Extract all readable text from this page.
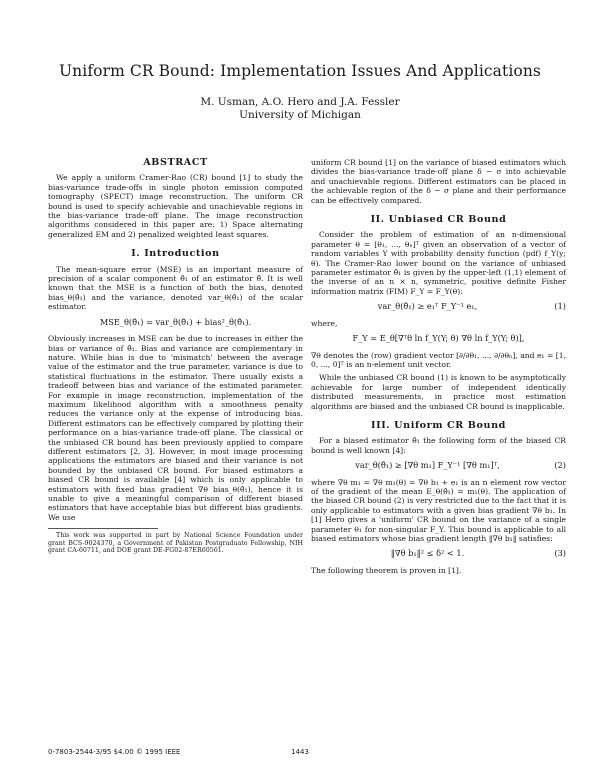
Uniform CR Bound: Implementation Issues And Applications
M. Usman, A.O. Hero and J.A. Fessler
University of Michigan
ABSTRACT

We apply a uniform Cramer-Rao (CR) bound [1] to study the bias-variance trade-offs in single photon emission computed tomography (SPECT) image reconstruction. The uniform CR bound is used to specify achievable and unachievable regions in the bias-variance trade-off plane. The image reconstruction algorithms considered in this paper are: 1) Space alternating generalized EM and 2) penalized weighted least squares.

I. Introduction

The mean-square error (MSE) is an important measure of precision of a scalar component θ̂₁ of an estimator θ̂. It is well known that the MSE is a function of both the bias, denoted bias_θ(θ̂₁) and the variance, denoted var_θ(θ̂₁) of the scalar estimator.

MSE_θ(θ̂₁) = var_θ(θ̂₁) + bias²_θ(θ̂₁).

Obviously increases in MSE can be due to increases in either the bias or variance of θ̂₁. Bias and variance are complementary in nature. While bias is due to 'mismatch' between the average value of the estimator and the true parameter, variance is due to statistical fluctuations in the estimator. There usually exists a tradeoff between bias and variance of the estimated parameter. For example in image reconstruction, implementation of the maximum likelihood algorithm with a smoothness penalty reduces the variance only at the expense of introducing bias. Different estimators can be effectively compared by plotting their performance on a bias-variance trade-off plane. The classical or the unbiased CR bound has been previously applied to compare different estimators [2, 3]. However, in most image processing applications the estimators are biased and their variance is not bounded by the unbiased CR bound. For biased estimators a biased CR bound is available [4] which is only applicable to estimators with fixed bias gradient ∇θ bias_θ(θ̂₁), hence it is unable to give a meaningful comparison of different biased estimators that have acceptable bias but different bias gradients. We use

This work was supported in part by National Science Foundation under grant BCS-9024370, a Government of Pakistan Postgraduate Fellowship, NIH grant CA-60711, and DOE grant DE-FG02-87ER60561.

uniform CR bound [1] on the variance of biased estimators which divides the bias-variance trade-off plane δ − σ into achievable and unachievable regions. Different estimators can be placed in the achievable region of the δ − σ plane and their performance can be effectively compared.

II. Unbiased CR Bound

Consider the problem of estimation of an n-dimensional parameter θ = [θ₁, ..., θₙ]ᵀ given an observation of a vector of random variables Y with probability density function (pdf) f_Y(y; θ). The Cramer-Rao lower bound on the variance of unbiased parameter estimator θ̂₁ is given by the upper-left (1,1) element of the inverse of an n × n, symmetric, positive definite Fisher information matrix (FIM) F_Y = F_Y(θ):

var_θ(θ̂₁) ≥ e₁ᵀ F_Y⁻¹ e₁,	(1)

where,

F_Y = E_θ[∇ᵀθ ln f_Y(Y; θ) ∇θ ln f_Y(Y; θ)],

∇θ denotes the (row) gradient vector [∂/∂θ₁, ..., ∂/∂θₙ], and e₁ = [1, 0, ..., 0]ᵀ is an n-element unit vector.

While the unbiased CR bound (1) is known to be asymptotically achievable for large number of independent identically distributed measurements, in practice most estimation algorithms are biased and the unbiased CR bound is inapplicable.

III. Uniform CR Bound

For a biased estimator θ̂₁ the following form of the biased CR bound is well known [4]:

var_θ(θ̂₁) ≥ [∇θ m₁] F_Y⁻¹ [∇θ m₁]ᵀ,	(2)

where ∇θ m₁ = ∇θ m₁(θ) = ∇θ b₁ + e₁ is an n element row vector of the gradient of the mean E_θ(θ̂₁) = m₁(θ). The application of the biased CR bound (2) is very restricted due to the fact that it is only applicable to estimators with a given bias gradient ∇θ b₁. In [1] Hero gives a 'uniform' CR bound on the variance of a single parameter θ₁ for non-singular F_Y. This bound is applicable to all biased estimators whose bias gradient length ‖∇θ b₁‖ satisfies:

‖∇θ b₁‖² ≤ δ² < 1.	(3)

The following theorem is proven in [1].

0-7803-2544-3/95 $4.00 © 1995 IEEE	1443
